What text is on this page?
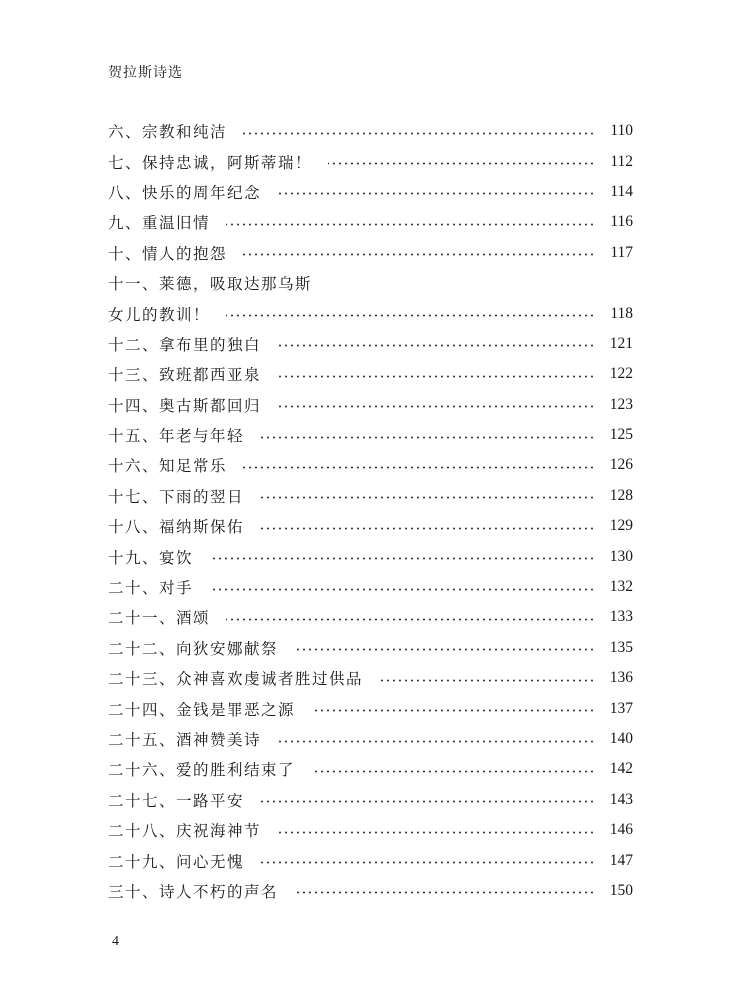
贺拉斯诗选
六、宗教和纯洁	110
七、保持忠诚，阿斯蒂瑞！	112
八、快乐的周年纪念	114
九、重温旧情	116
十、情人的抱怨	117
十一、莱德，吸取达那乌斯
女儿的教训！	118
十二、拿布里的独白	121
十三、致班都西亚泉	122
十四、奥古斯都回归	123
十五、年老与年轻	125
十六、知足常乐	126
十七、下雨的翌日	128
十八、福纳斯保佑	129
十九、宴饮	130
二十、对手	132
二十一、酒颂	133
二十二、向狄安娜献祭	135
二十三、众神喜欢虔诚者胜过供品	136
二十四、金钱是罪恶之源	137
二十五、酒神赞美诗	140
二十六、爱的胜利结束了	142
二十七、一路平安	143
二十八、庆祝海神节	146
二十九、问心无愧	147
三十、诗人不朽的声名	150
4
